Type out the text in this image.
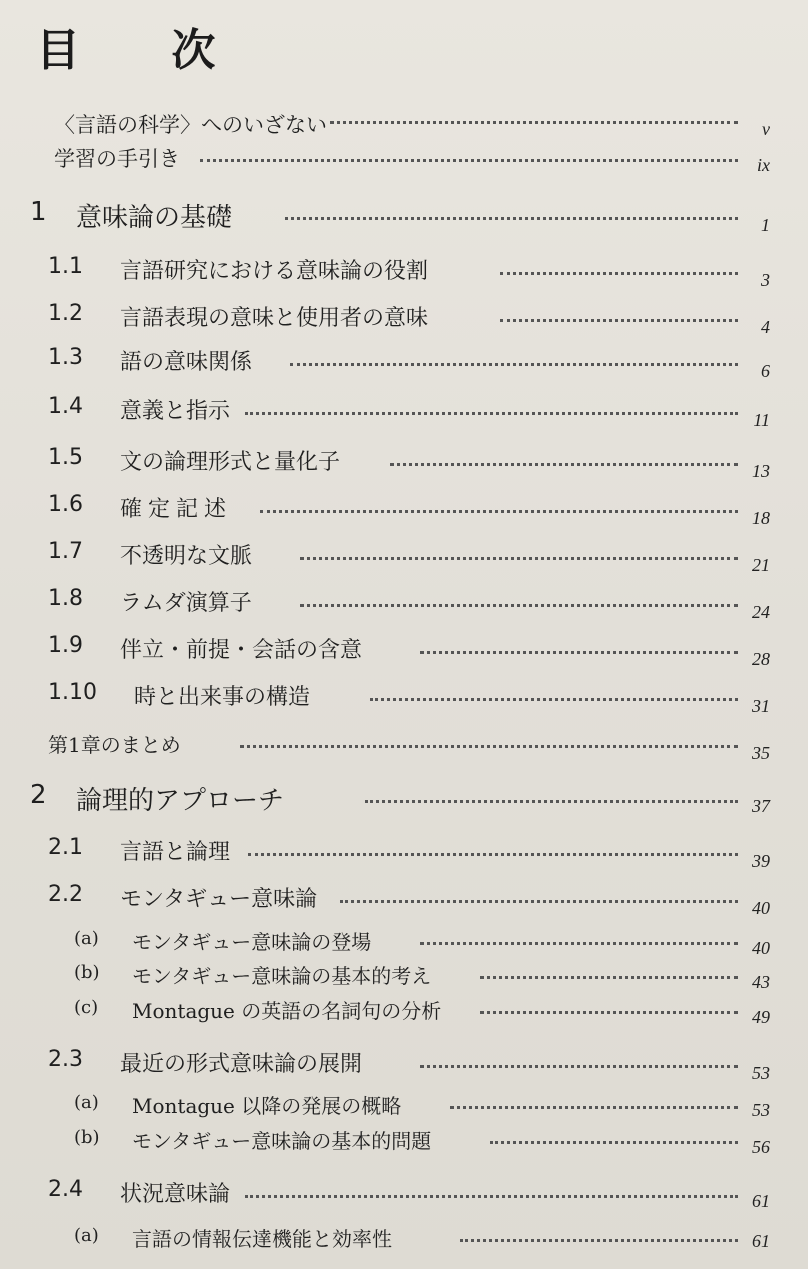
目 次
〈言語の科学〉へのいざない	v
学習の手引き	ix
1 意味論の基礎	1
1.1 言語研究における意味論の役割	3
1.2 言語表現の意味と使用者の意味	4
1.3 語の意味関係	6
1.4 意義と指示	11
1.5 文の論理形式と量化子	13
1.6 確定記述	18
1.7 不透明な文脈	21
1.8 ラムダ演算子	24
1.9 伴立・前提・会話の含意	28
1.10 時と出来事の構造	31
第1章のまとめ	35
2 論理的アプローチ	37
2.1 言語と論理	39
2.2 モンタギュー意味論	40
(a) モンタギュー意味論の登場	40
(b) モンタギュー意味論の基本的考え	43
(c) Montague の英語の名詞句の分析	49
2.3 最近の形式意味論の展開	53
(a) Montague 以降の発展の概略	53
(b) モンタギュー意味論の基本的問題	56
2.4 状況意味論	61
(a) 言語の情報伝達機能と効率性	61
